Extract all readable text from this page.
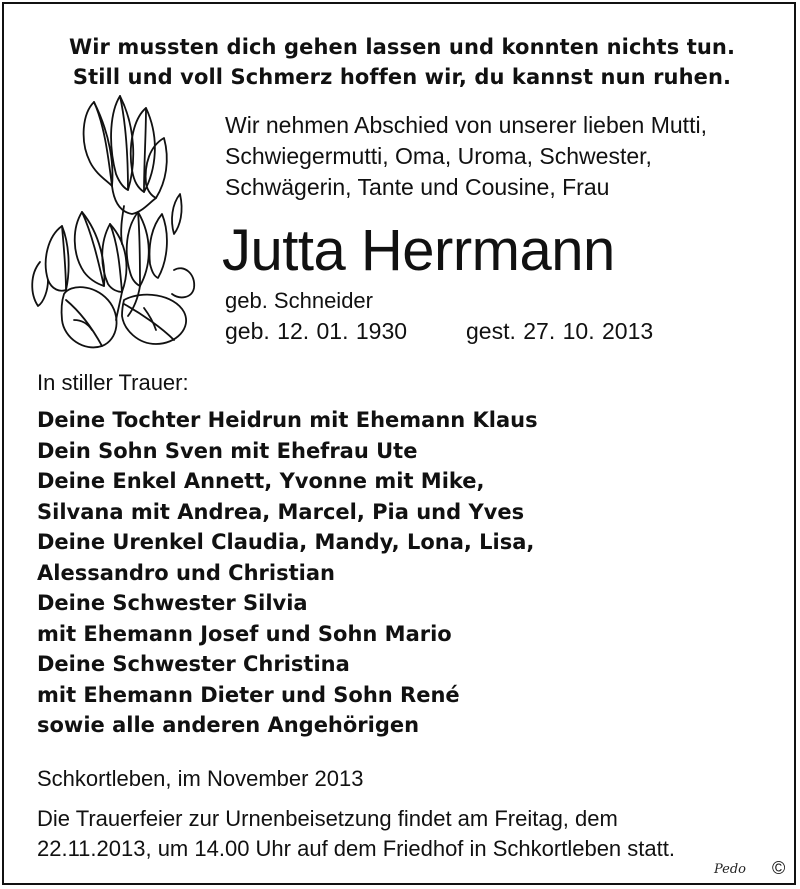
Wir mussten dich gehen lassen und konnten nichts tun.
Still und voll Schmerz hoffen wir, du kannst nun ruhen.
Wir nehmen Abschied von unserer lieben Mutti,
Schwiegermutti, Oma, Uroma, Schwester,
Schwägerin, Tante und Cousine, Frau
Jutta Herrmann
geb. Schneider
geb. 12. 01. 1930	gest. 27. 10. 2013
In stiller Trauer:
Deine Tochter Heidrun mit Ehemann Klaus
Dein Sohn Sven mit Ehefrau Ute
Deine Enkel Annett, Yvonne mit Mike,
Silvana mit Andrea, Marcel, Pia und Yves
Deine Urenkel Claudia, Mandy, Lona, Lisa,
Alessandro und Christian
Deine Schwester Silvia
mit Ehemann Josef und Sohn Mario
Deine Schwester Christina
mit Ehemann Dieter und Sohn René
sowie alle anderen Angehörigen
Schkortleben, im November 2013
Die Trauerfeier zur Urnenbeisetzung findet am Freitag, dem
22.11.2013, um 14.00 Uhr auf dem Friedhof in Schkortleben statt.
Pedo ©
